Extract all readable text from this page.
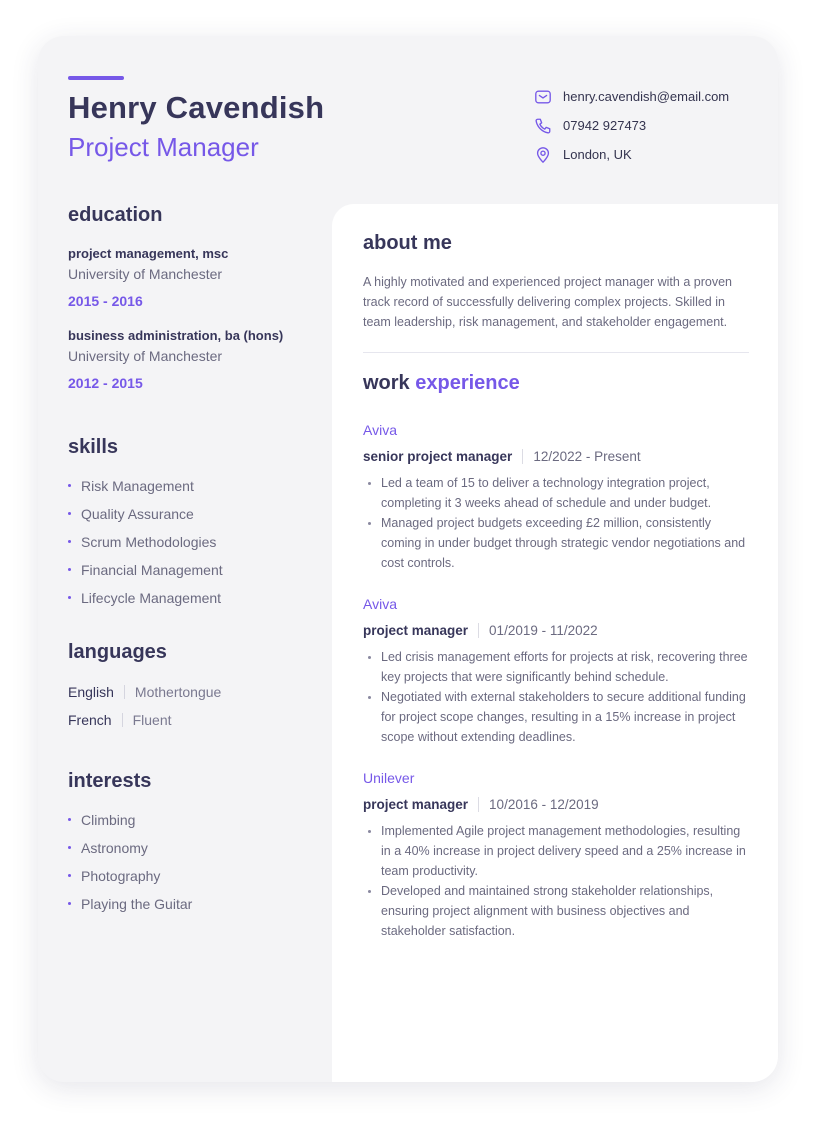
Henry Cavendish
Project Manager
henry.cavendish@email.com
07942 927473
London, UK
education
project management, msc
University of Manchester
2015 - 2016
business administration, ba (hons)
University of Manchester
2012 - 2015
skills
Risk Management
Quality Assurance
Scrum Methodologies
Financial Management
Lifecycle Management
languages
English Mothertongue
French Fluent
interests
Climbing
Astronomy
Photography
Playing the Guitar
about me
A highly motivated and experienced project manager with a proven track record of successfully delivering complex projects. Skilled in team leadership, risk management, and stakeholder engagement.
work experience
Aviva
senior project manager 12/2022 - Present
Led a team of 15 to deliver a technology integration project, completing it 3 weeks ahead of schedule and under budget.
Managed project budgets exceeding £2 million, consistently coming in under budget through strategic vendor negotiations and cost controls.
Aviva
project manager 01/2019 - 11/2022
Led crisis management efforts for projects at risk, recovering three key projects that were significantly behind schedule.
Negotiated with external stakeholders to secure additional funding for project scope changes, resulting in a 15% increase in project scope without extending deadlines.
Unilever
project manager 10/2016 - 12/2019
Implemented Agile project management methodologies, resulting in a 40% increase in project delivery speed and a 25% increase in team productivity.
Developed and maintained strong stakeholder relationships, ensuring project alignment with business objectives and stakeholder satisfaction.
